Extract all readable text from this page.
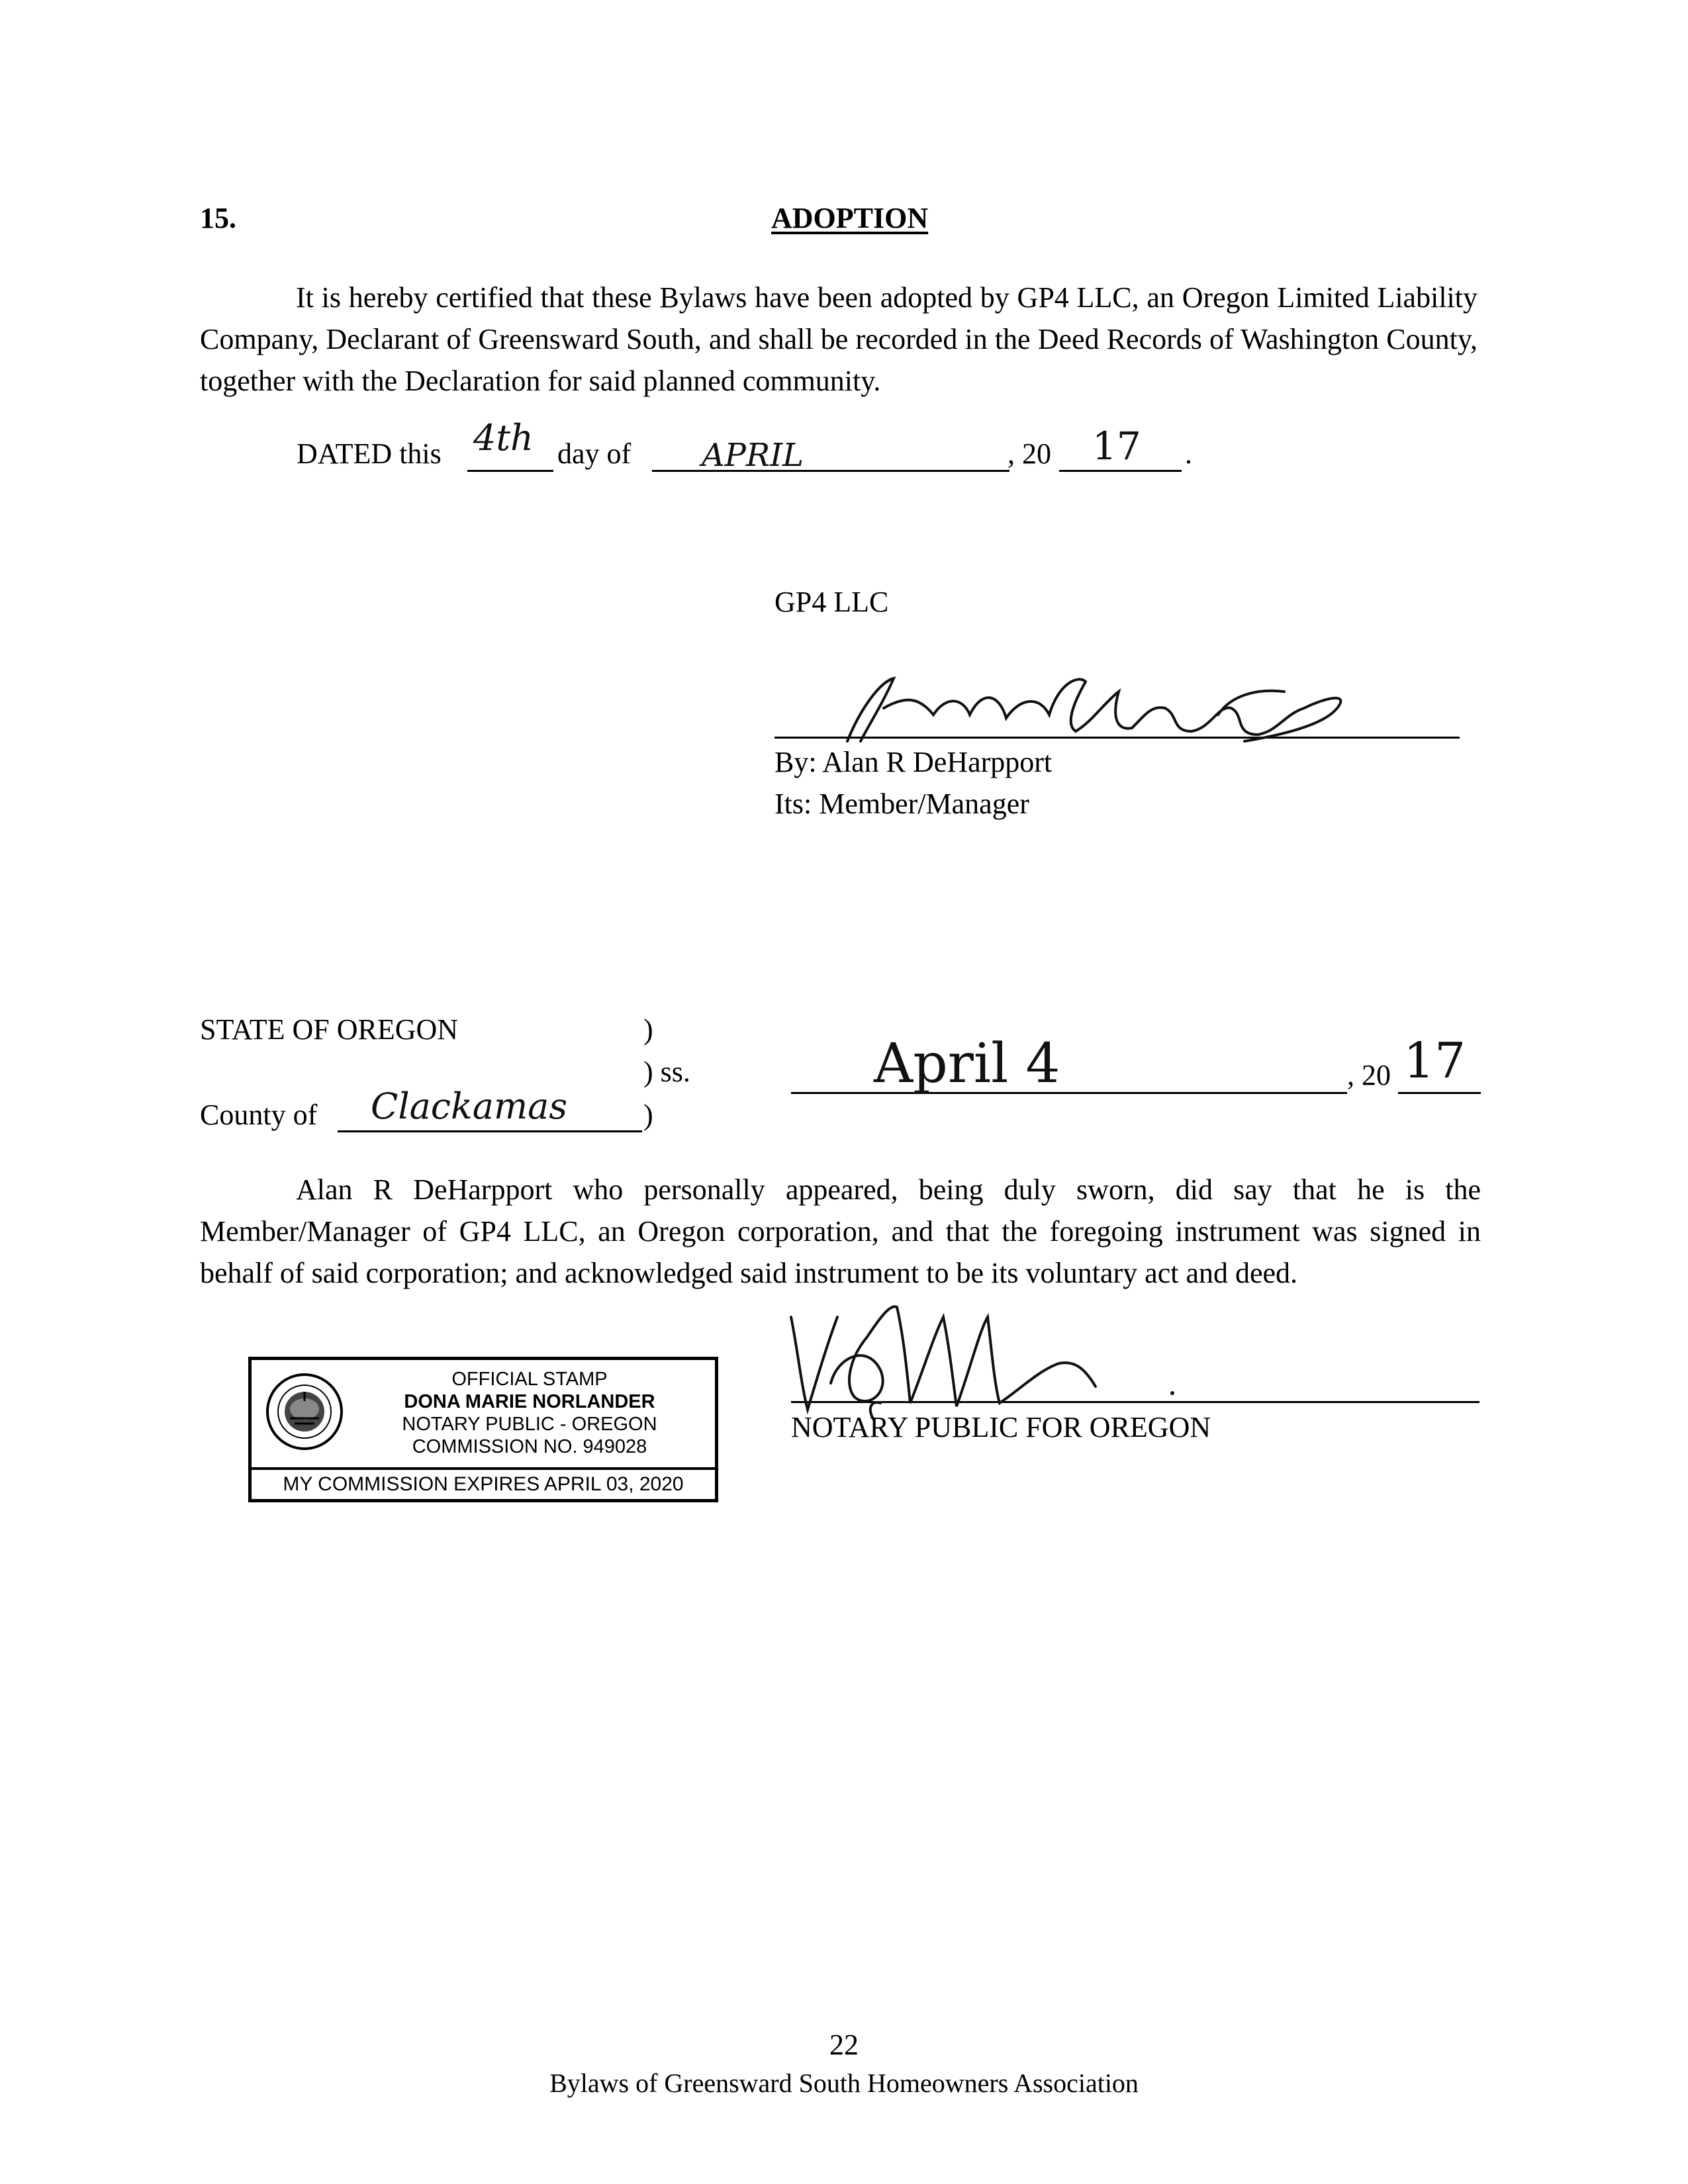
15.	ADOPTION
It is hereby certified that these Bylaws have been adopted by GP4 LLC, an Oregon Limited Liability Company, Declarant of Greensward South, and shall be recorded in the Deed Records of Washington County, together with the Declaration for said planned community.
DATED this 4th day of APRIL	, 20 17 .
GP4 LLC
By: Alan R DeHarpport
Its: Member/Manager
STATE OF OREGON	)
) ss.
County of Clackamas	)
April 4	, 20 17
Alan R DeHarpport who personally appeared, being duly sworn, did say that he is the Member/Manager of GP4 LLC, an Oregon corporation, and that the foregoing instrument was signed in behalf of said corporation; and acknowledged said instrument to be its voluntary act and deed.
NOTARY PUBLIC FOR OREGON
OFFICIAL STAMP
DONA MARIE NORLANDER
NOTARY PUBLIC - OREGON
COMMISSION NO. 949028
MY COMMISSION EXPIRES APRIL 03, 2020
22
Bylaws of Greensward South Homeowners Association
